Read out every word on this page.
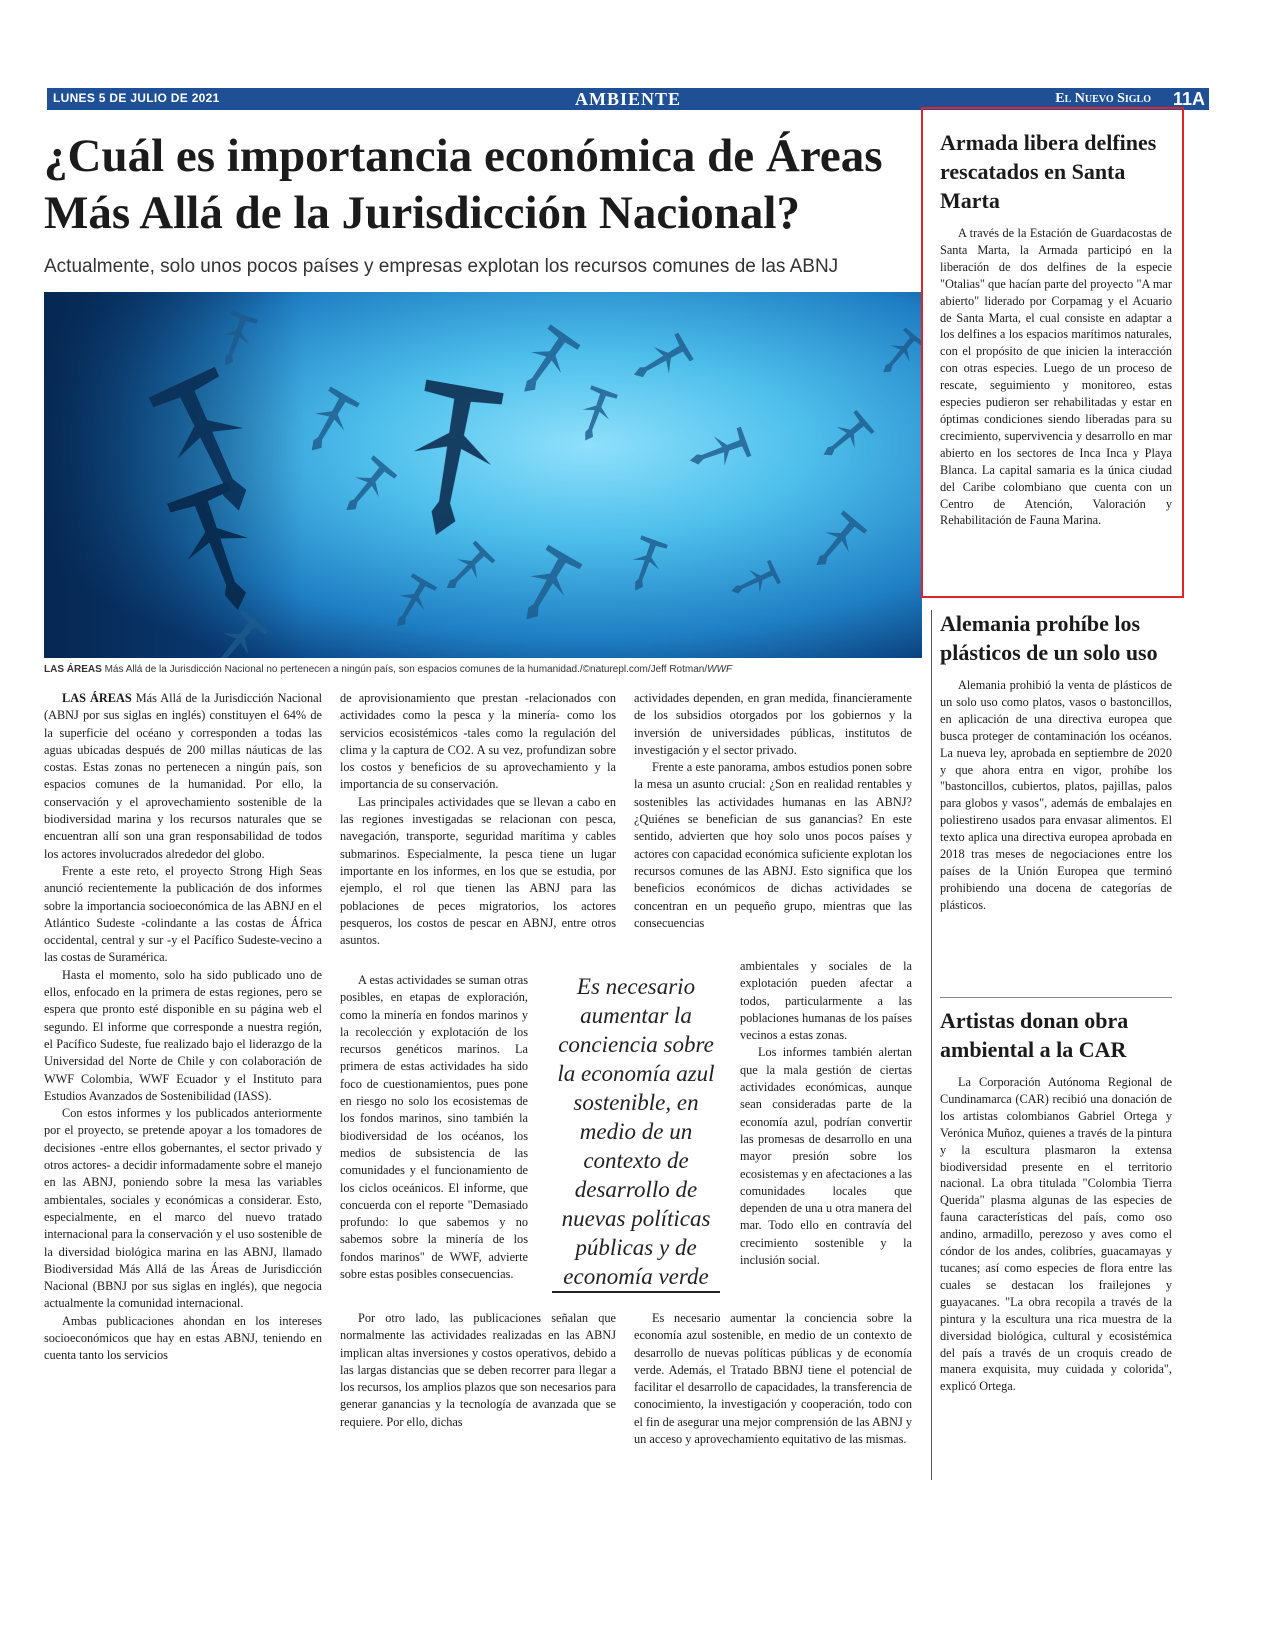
LUNES 5 DE JULIO DE 2021	AMBIENTE	El Nuevo Siglo 11A
¿Cuál es importancia económica de Áreas Más Allá de la Jurisdicción Nacional?
Actualmente, solo unos pocos países y empresas explotan los recursos comunes de las ABNJ
LAS ÁREAS Más Allá de la Jurisdicción Nacional no pertenecen a ningún país, son espacios comunes de la humanidad./©naturepl.com/Jeff Rotman/WWF

LAS ÁREAS Más Allá de la Jurisdicción Nacional (ABNJ por sus siglas en inglés) constituyen el 64% de la superficie del océano y corresponden a todas las aguas ubicadas después de 200 millas náuticas de las costas. Estas zonas no pertenecen a ningún país, son espacios comunes de la humanidad. Por ello, la conservación y el aprovechamiento sostenible de la biodiversidad marina y los recursos naturales que se encuentran allí son una gran responsabilidad de todos los actores involucrados alrededor del globo.

Frente a este reto, el proyecto Strong High Seas anunció recientemente la publicación de dos informes sobre la importancia socioeconómica de las ABNJ en el Atlántico Sudeste -colindante a las costas de África occidental, central y sur -y el Pacífico Sudeste-vecino a las costas de Suramérica.

Hasta el momento, solo ha sido publicado uno de ellos, enfocado en la primera de estas regiones, pero se espera que pronto esté disponible en su página web el segundo. El informe que corresponde a nuestra región, el Pacífico Sudeste, fue realizado bajo el liderazgo de la Universidad del Norte de Chile y con colaboración de WWF Colombia, WWF Ecuador y el Instituto para Estudios Avanzados de Sostenibilidad (IASS).

Con estos informes y los publicados anteriormente por el proyecto, se pretende apoyar a los tomadores de decisiones -entre ellos gobernantes, el sector privado y otros actores- a decidir informadamente sobre el manejo en las ABNJ, poniendo sobre la mesa las variables ambientales, sociales y económicas a considerar. Esto, especialmente, en el marco del nuevo tratado internacional para la conservación y el uso sostenible de la diversidad biológica marina en las ABNJ, llamado Biodiversidad Más Allá de las Áreas de Jurisdicción Nacional (BBNJ por sus siglas en inglés), que negocia actualmente la comunidad internacional.

Ambas publicaciones ahondan en los intereses socioeconómicos que hay en estas ABNJ, teniendo en cuenta tanto los servicios

de aprovisionamiento que prestan -relacionados con actividades como la pesca y la minería- como los servicios ecosistémicos -tales como la regulación del clima y la captura de CO2. A su vez, profundizan sobre los costos y beneficios de su aprovechamiento y la importancia de su conservación.

Las principales actividades que se llevan a cabo en las regiones investigadas se relacionan con pesca, navegación, transporte, seguridad marítima y cables submarinos. Especialmente, la pesca tiene un lugar importante en los informes, en los que se estudia, por ejemplo, el rol que tienen las ABNJ para las poblaciones de peces migratorios, los actores pesqueros, los costos de pescar en ABNJ, entre otros asuntos.

A estas actividades se suman otras posibles, en etapas de exploración, como la minería en fondos marinos y la recolección y explotación de los recursos genéticos marinos. La primera de estas actividades ha sido foco de cuestionamientos, pues pone en riesgo no solo los ecosistemas de los fondos marinos, sino también la biodiversidad de los océanos, los medios de subsistencia de las comunidades y el funcionamiento de los ciclos oceánicos. El informe, que concuerda con el reporte "Demasiado profundo: lo que sabemos y no sabemos sobre la minería de los fondos marinos" de WWF, advierte sobre estas posibles consecuencias.

Por otro lado, las publicaciones señalan que normalmente las actividades realizadas en las ABNJ implican altas inversiones y costos operativos, debido a las largas distancias que se deben recorrer para llegar a los recursos, los amplios plazos que son necesarios para generar ganancias y la tecnología de avanzada que se requiere. Por ello, dichas

actividades dependen, en gran medida, financieramente de los subsidios otorgados por los gobiernos y la inversión de universidades públicas, institutos de investigación y el sector privado.

Frente a este panorama, ambos estudios ponen sobre la mesa un asunto crucial: ¿Son en realidad rentables y sostenibles las actividades humanas en las ABNJ? ¿Quiénes se benefician de sus ganancias? En este sentido, advierten que hoy solo unos pocos países y actores con capacidad económica suficiente explotan los recursos comunes de las ABNJ. Esto significa que los beneficios económicos de dichas actividades se concentran en un pequeño grupo, mientras que las consecuencias

ambientales y sociales de la explotación pueden afectar a todos, particularmente a las poblaciones humanas de los países vecinos a estas zonas.

Los informes también alertan que la mala gestión de ciertas actividades económicas, aunque sean consideradas parte de la economía azul, podrían convertir las promesas de desarrollo en una mayor presión sobre los ecosistemas y en afectaciones a las comunidades locales que dependen de una u otra manera del mar. Todo ello en contravía del crecimiento sostenible y la inclusión social.

Es necesario aumentar la conciencia sobre la economía azul sostenible, en medio de un contexto de desarrollo de nuevas políticas públicas y de economía verde. Además, el Tratado BBNJ tiene el potencial de facilitar el desarrollo de capacidades, la transferencia de conocimiento, la investigación y cooperación, todo con el fin de asegurar una mejor comprensión de las ABNJ y un acceso y aprovechamiento equitativo de las mismas.

Es necesario aumentar la conciencia sobre la economía azul sostenible, en medio de un contexto de desarrollo de nuevas políticas públicas y de economía verde
Armada libera delfines rescatados en Santa Marta

A través de la Estación de Guardacostas de Santa Marta, la Armada participó en la liberación de dos delfines de la especie "Otalias" que hacían parte del proyecto "A mar abierto" liderado por Corpamag y el Acuario de Santa Marta, el cual consiste en adaptar a los delfines a los espacios marítimos naturales, con el propósito de que inicien la interacción con otras especies. Luego de un proceso de rescate, seguimiento y monitoreo, estas especies pudieron ser rehabilitadas y estar en óptimas condiciones siendo liberadas para su crecimiento, supervivencia y desarrollo en mar abierto en los sectores de Inca Inca y Playa Blanca. La capital samaria es la única ciudad del Caribe colombiano que cuenta con un Centro de Atención, Valoración y Rehabilitación de Fauna Marina.

Alemania prohíbe los plásticos de un solo uso

Alemania prohibió la venta de plásticos de un solo uso como platos, vasos o bastoncillos, en aplicación de una directiva europea que busca proteger de contaminación los océanos. La nueva ley, aprobada en septiembre de 2020 y que ahora entra en vigor, prohíbe los "bastoncillos, cubiertos, platos, pajillas, palos para globos y vasos", además de embalajes en poliestireno usados para envasar alimentos. El texto aplica una directiva europea aprobada en 2018 tras meses de negociaciones entre los países de la Unión Europea que terminó prohibiendo una docena de categorías de plásticos.

Artistas donan obra ambiental a la CAR

La Corporación Autónoma Regional de Cundinamarca (CAR) recibió una donación de los artistas colombianos Gabriel Ortega y Verónica Muñoz, quienes a través de la pintura y la escultura plasmaron la extensa biodiversidad presente en el territorio nacional. La obra titulada "Colombia Tierra Querida" plasma algunas de las especies de fauna características del país, como oso andino, armadillo, perezoso y aves como el cóndor de los andes, colibríes, guacamayas y tucanes; así como especies de flora entre las cuales se destacan los frailejones y guayacanes. "La obra recopila a través de la pintura y la escultura una rica muestra de la diversidad biológica, cultural y ecosistémica del país a través de un croquis creado de manera exquisita, muy cuidada y colorida", explicó Ortega.
